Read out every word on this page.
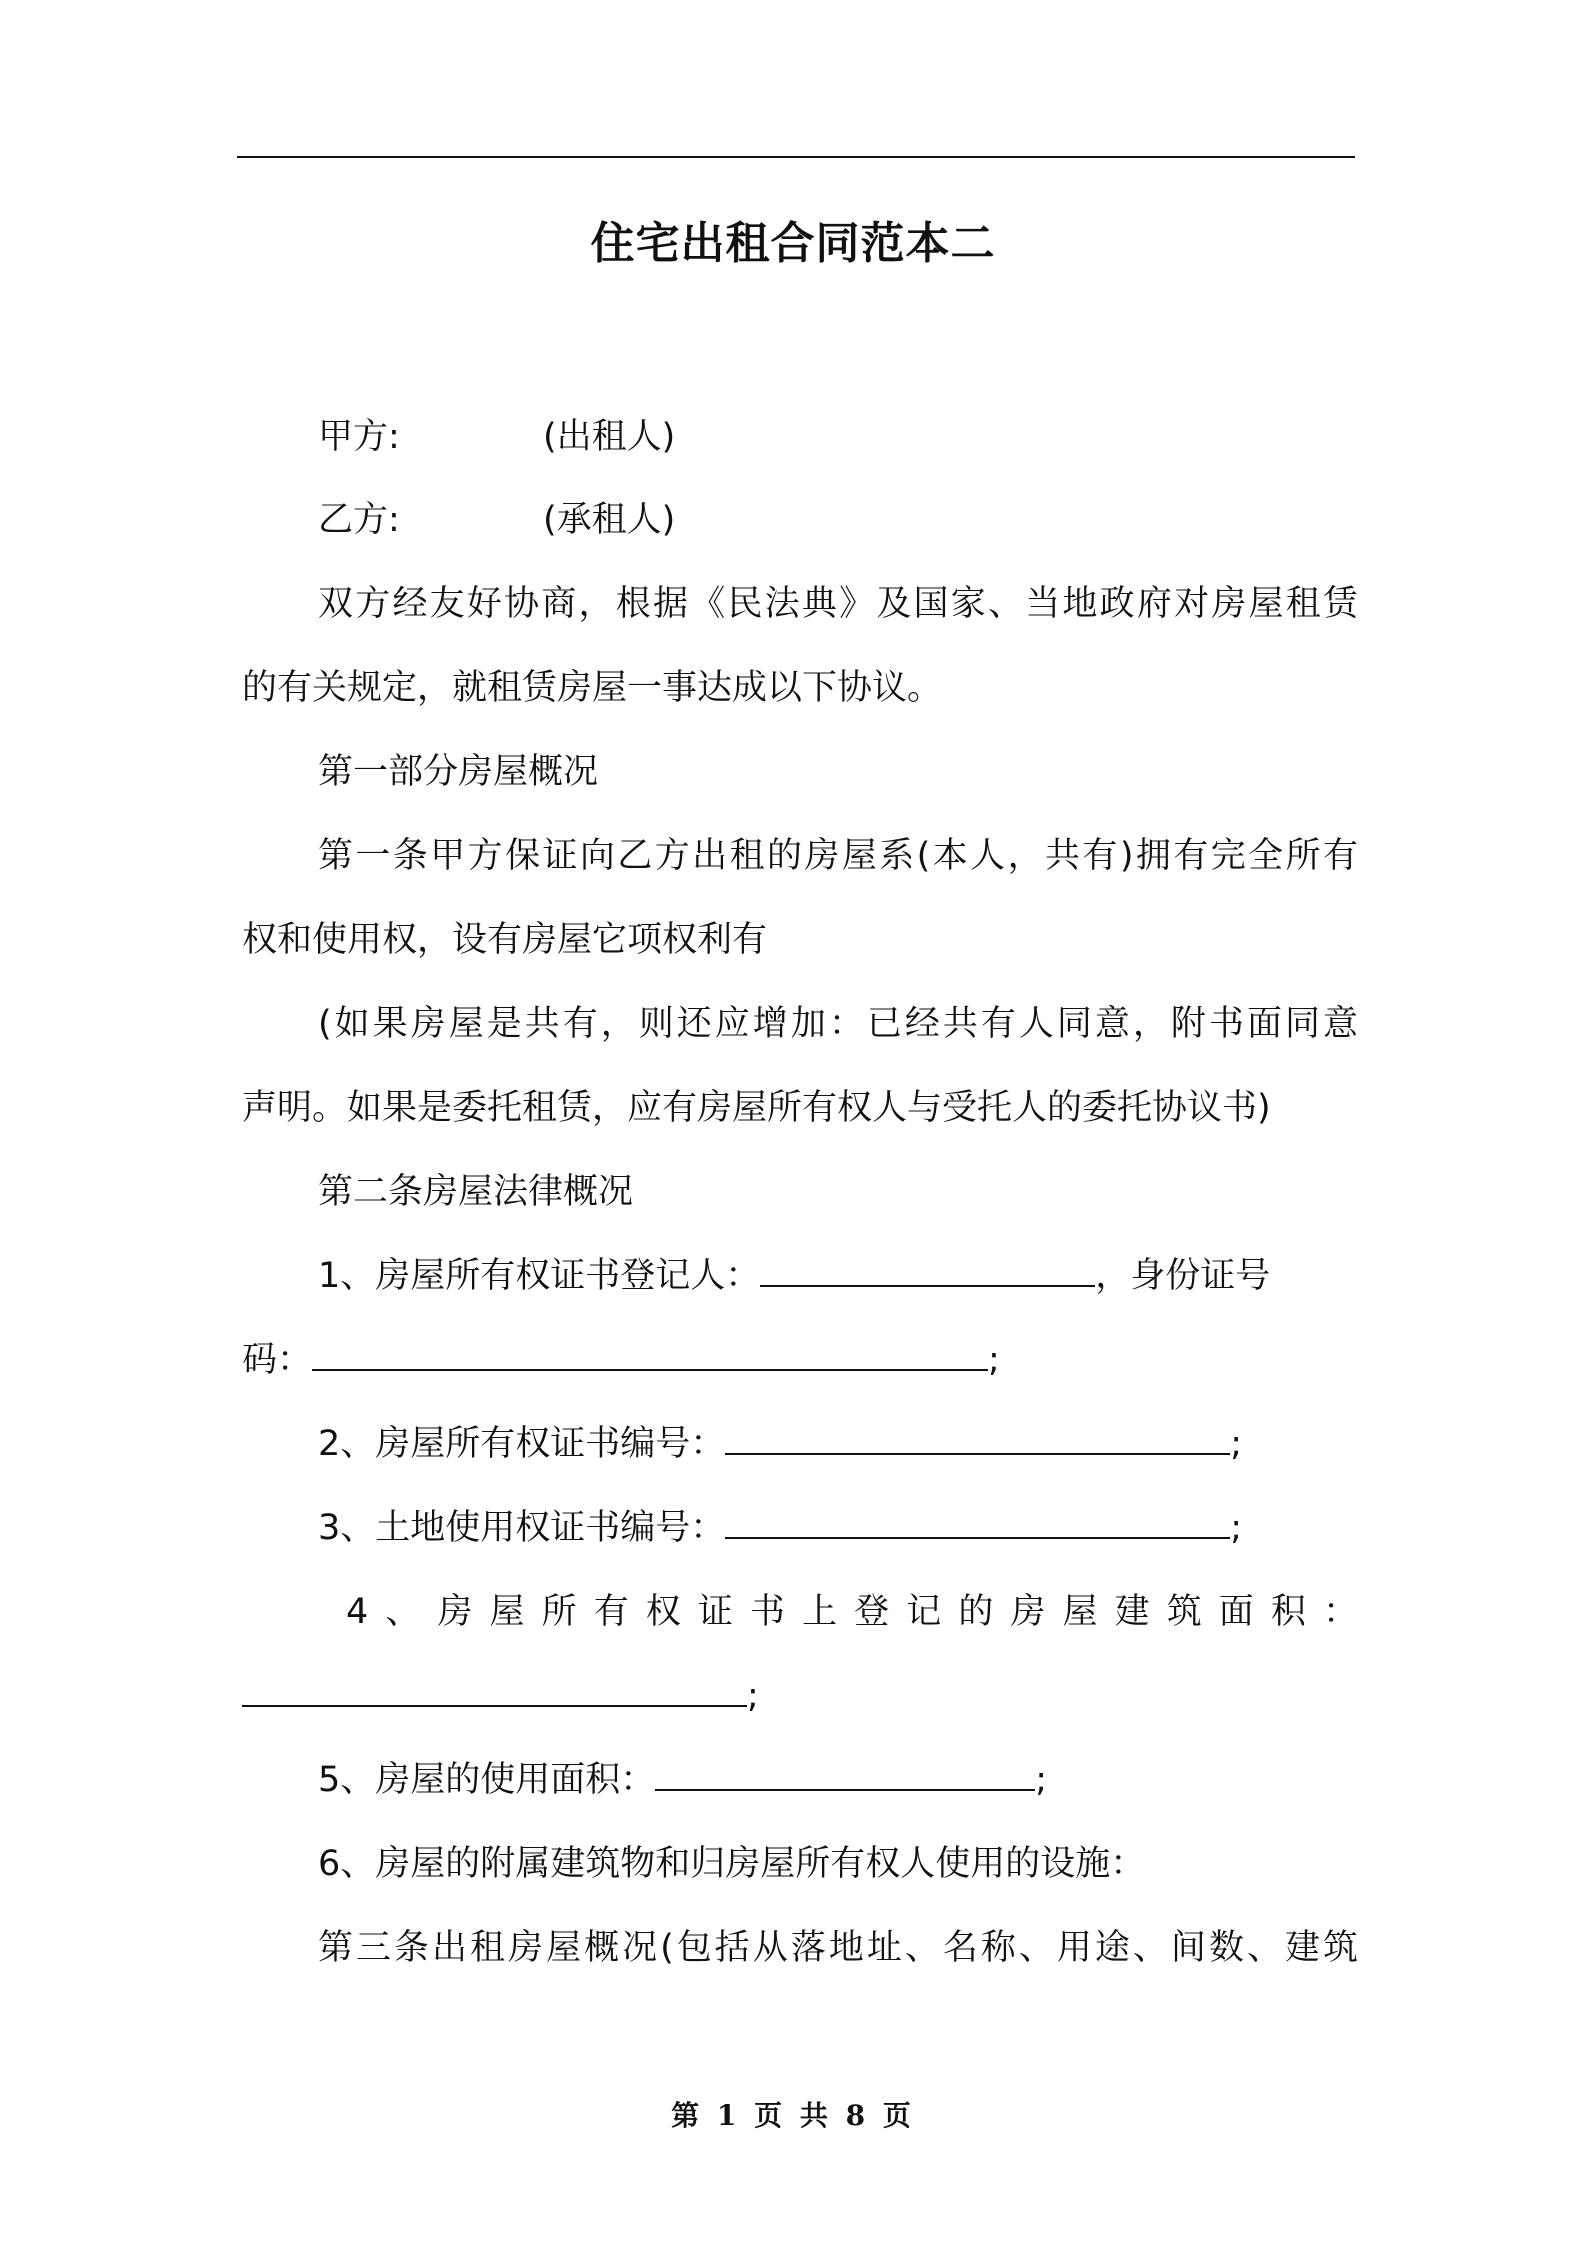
住宅出租合同范本二
甲方:	(出租人)
乙方:	(承租人)
双方经友好协商，根据《民法典》及国家、当地政府对房屋租赁
的有关规定，就租赁房屋一事达成以下协议。
第一部分房屋概况
第一条甲方保证向乙方出租的房屋系(本人，共有)拥有完全所有
权和使用权，设有房屋它项权利有
(如果房屋是共有，则还应增加：已经共有人同意，附书面同意
声明。如果是委托租赁，应有房屋所有权人与受托人的委托协议书)
第二条房屋法律概况
1、房屋所有权证书登记人：	，身份证号
码：	;
2、房屋所有权证书编号：	;
3、土地使用权证书编号：	;
4、房屋所有权证书上登记的房屋建筑面积：
;
5、房屋的使用面积：	;
6、房屋的附属建筑物和归房屋所有权人使用的设施：
第三条出租房屋概况(包括从落地址、名称、用途、间数、建筑
第 1 页 共 8 页
